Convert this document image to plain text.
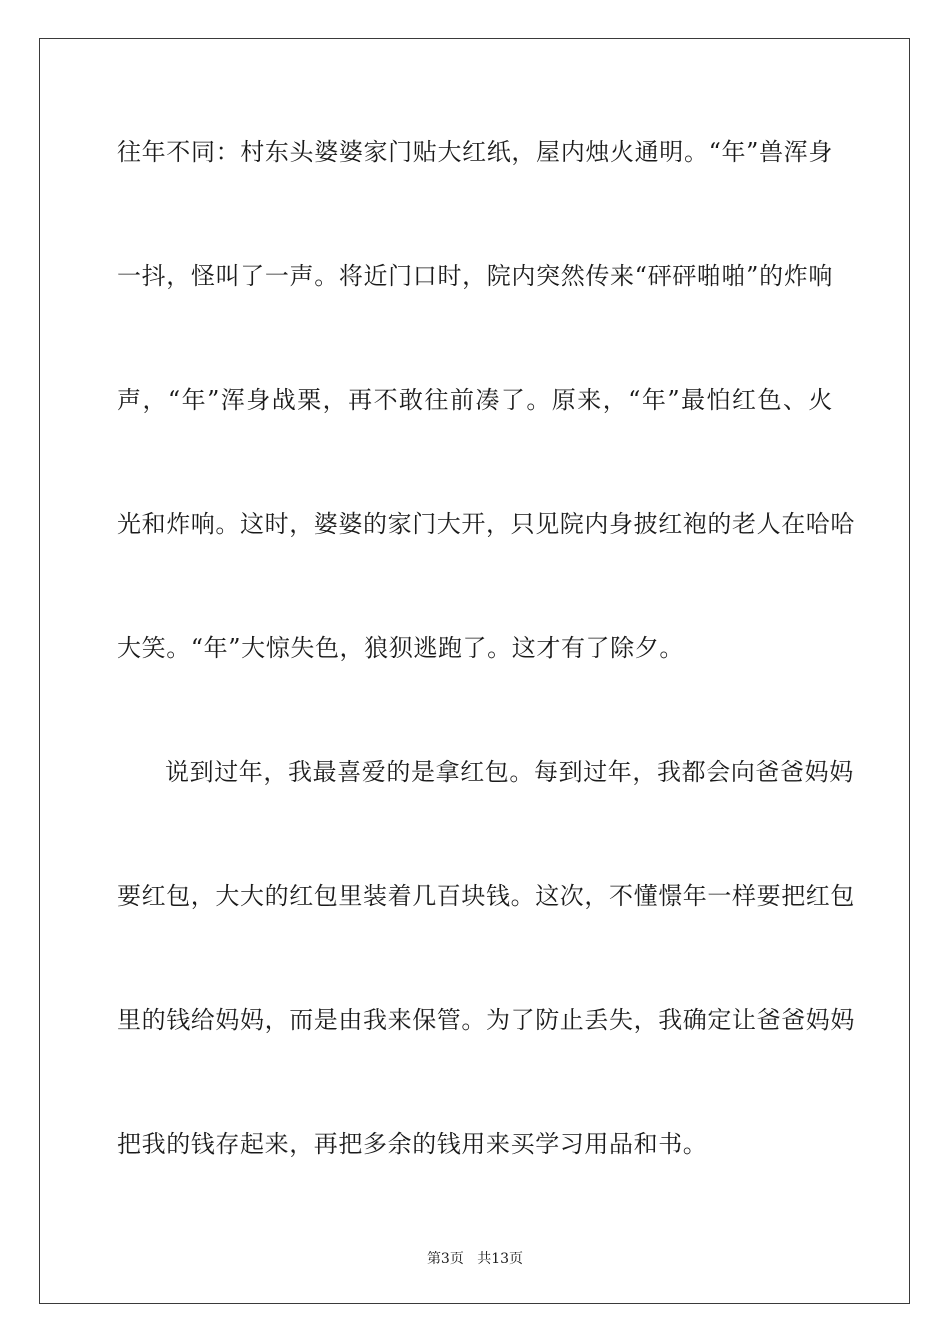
往年不同：村东头婆婆家门贴大红纸，屋内烛火通明。“年”兽浑身
一抖，怪叫了一声。将近门口时，院内突然传来“砰砰啪啪”的炸响
声，“年”浑身战栗，再不敢往前凑了。原来，“年”最怕红色、火
光和炸响。这时，婆婆的家门大开，只见院内身披红袍的老人在哈哈
大笑。“年”大惊失色，狼狈逃跑了。这才有了除夕。
说到过年，我最喜爱的是拿红包。每到过年，我都会向爸爸妈妈
要红包，大大的红包里装着几百块钱。这次，不懂憬年一样要把红包
里的钱给妈妈，而是由我来保管。为了防止丢失，我确定让爸爸妈妈
把我的钱存起来，再把多余的钱用来买学习用品和书。
第3页 共13页
